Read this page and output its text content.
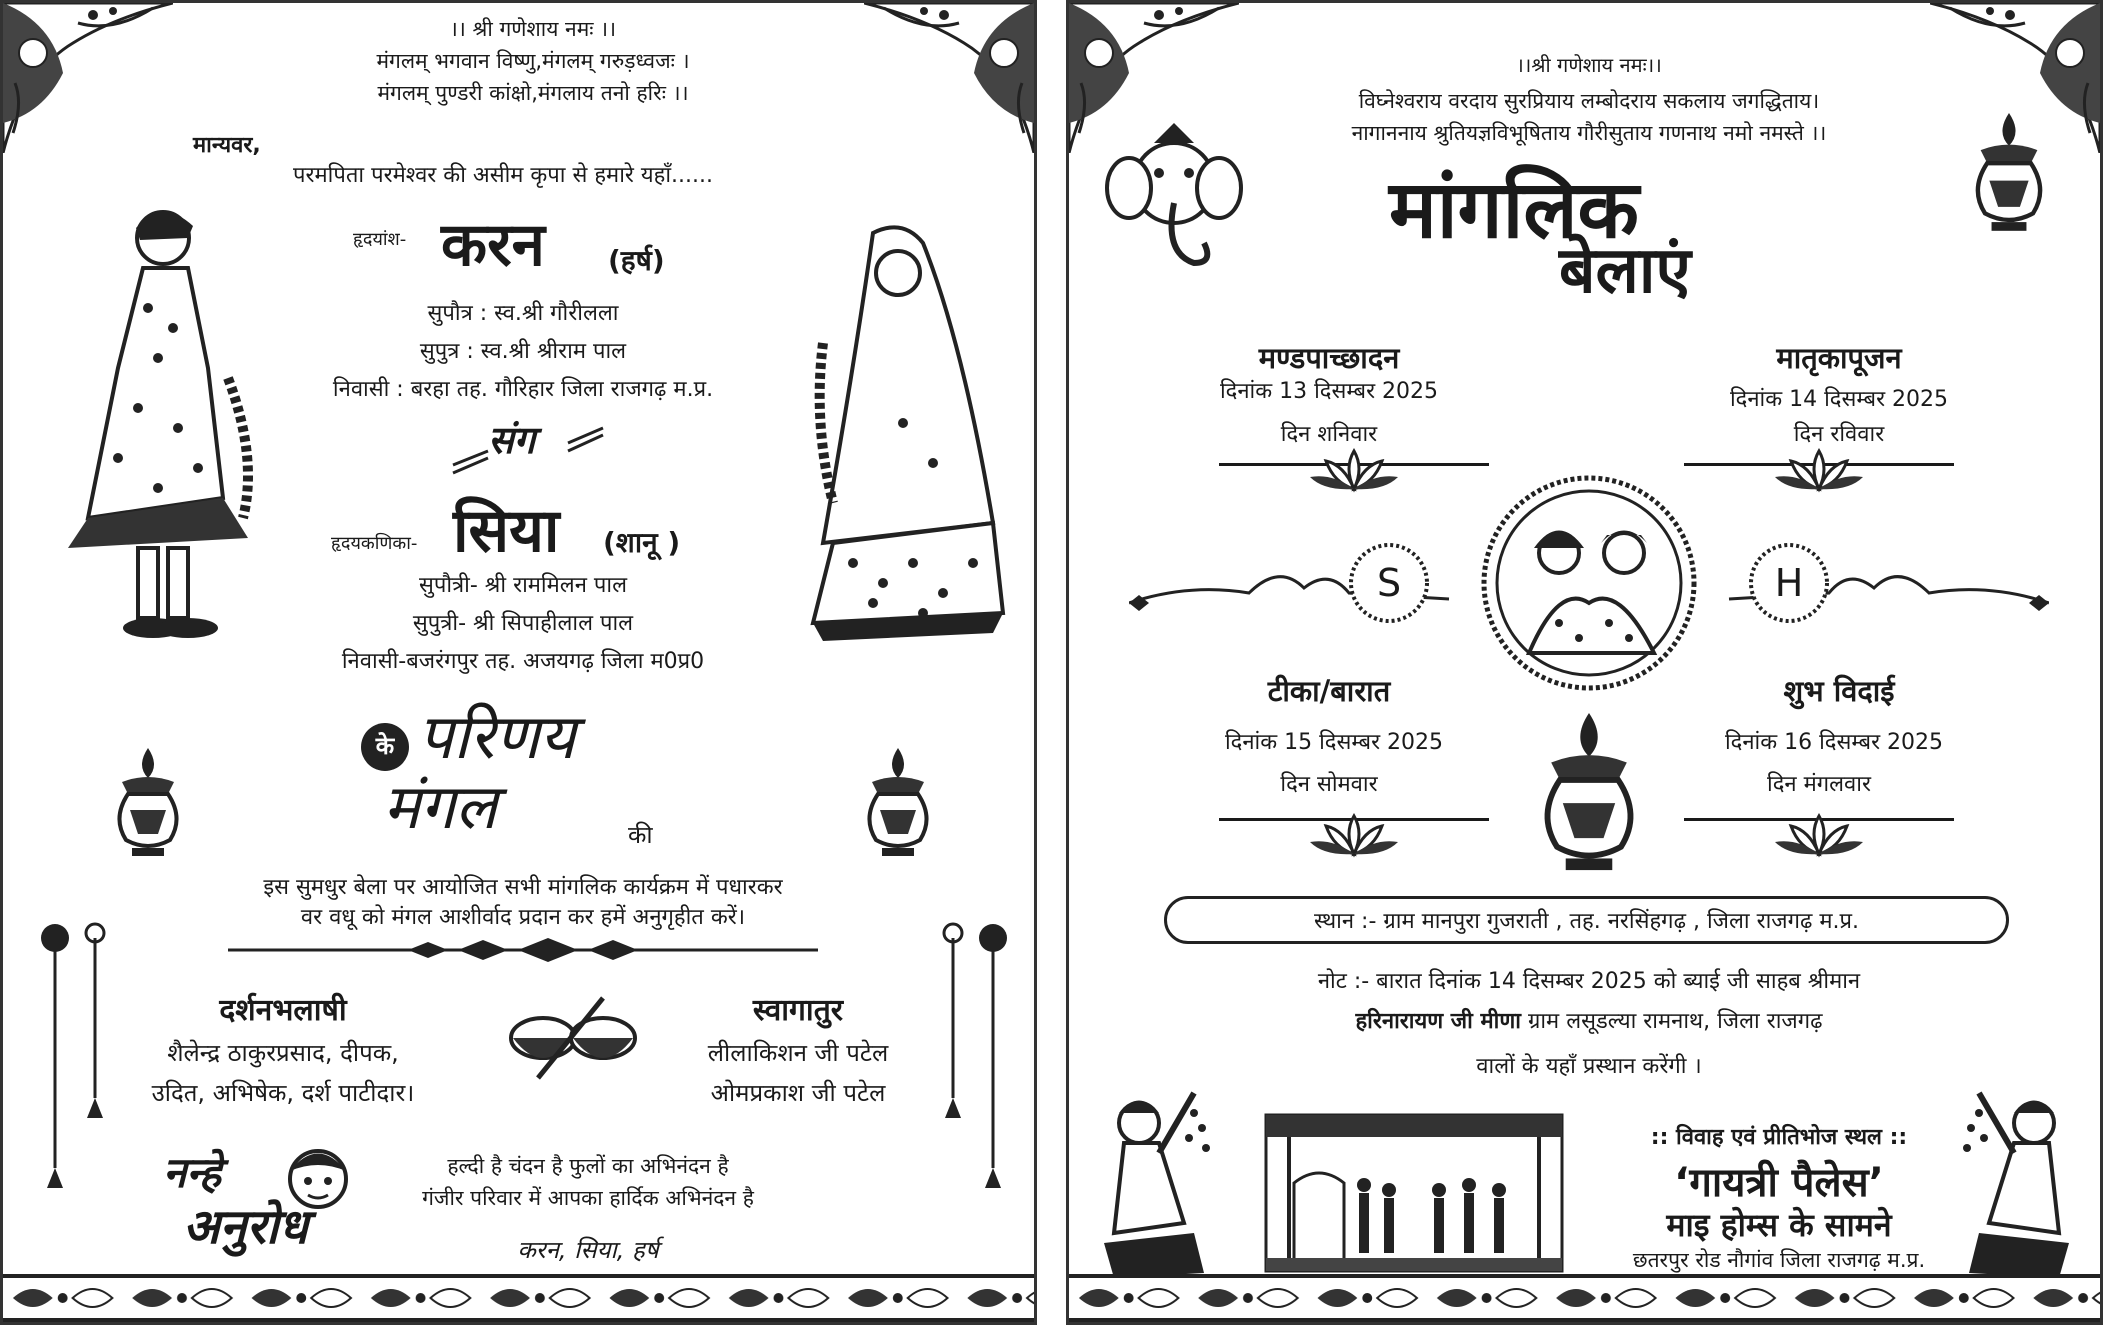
।। श्री गणेशाय नमः ।।
मंगलम् भगवान विष्णु,मंगलम् गरुड़ध्वजः ।
मंगलम् पुण्डरी कांक्षो,मंगलाय तनो हरिः ।।
मान्यवर,
परमपिता परमेश्वर की असीम कृपा से हमारे यहाँ......
हृदयांश- करन (हर्ष)
सुपौत्र : स्व.श्री गौरीलला
सुपुत्र : स्व.श्री श्रीराम पाल
निवासी : बरहा तह. गौरिहार जिला राजगढ़ म.प्र.
संग
हृदयकणिका- सिया (शानू )
सुपौत्री- श्री राममिलन पाल
सुपुत्री- श्री सिपाहीलाल पाल
निवासी-बजरंगपुर तह. अजयगढ़ जिला म0प्र0
के परिणय
मंगल	की
इस सुमधुर बेला पर आयोजित सभी मांगलिक कार्यक्रम में पधारकर
वर वधू को मंगल आशीर्वाद प्रदान कर हमें अनुगृहीत करें।
दर्शनभलाषी
शैलेन्द्र ठाकुरप्रसाद, दीपक,
उदित, अभिषेक, दर्श पाटीदार।
स्वागातुर
लीलाकिशन जी पटेल
ओमप्रकाश जी पटेल
नन्हे
अनुरोध
हल्दी है चंदन है फुलों का अभिनंदन है
गंजीर परिवार में आपका हार्दिक अभिनंदन है
करन, सिया, हर्ष
।।श्री गणेशाय नमः।।
विघ्नेश्वराय वरदाय सुरप्रियाय लम्बोदराय सकलाय जगद्धिताय।
नागाननाय श्रुतियज्ञविभूषिताय गौरीसुताय गणनाथ नमो नमस्ते ।।
मांगलिक
बेलाएं
मण्डपाच्छादन
दिनांक 13 दिसम्बर 2025
दिन शनिवार
मातृकापूजन
दिनांक 14 दिसम्बर 2025
दिन रविवार
S	H
टीका/बारात
दिनांक 15 दिसम्बर 2025
दिन सोमवार
शुभ विदाई
दिनांक 16 दिसम्बर 2025
दिन मंगलवार
स्थान :- ग्राम मानपुरा गुजराती , तह. नरसिंहगढ़ , जिला राजगढ़ म.प्र.
नोट :- बारात दिनांक 14 दिसम्बर 2025 को ब्याई जी साहब श्रीमान
हरिनारायण जी मीणा ग्राम लसूडल्या रामनाथ, जिला राजगढ़
वालों के यहाँ प्रस्थान करेंगी ।
:: विवाह एवं प्रीतिभोज स्थल ::
‘गायत्री पैलेस’
माइ होम्स के सामने
छतरपुर रोड नौगांव जिला राजगढ़ म.प्र.
